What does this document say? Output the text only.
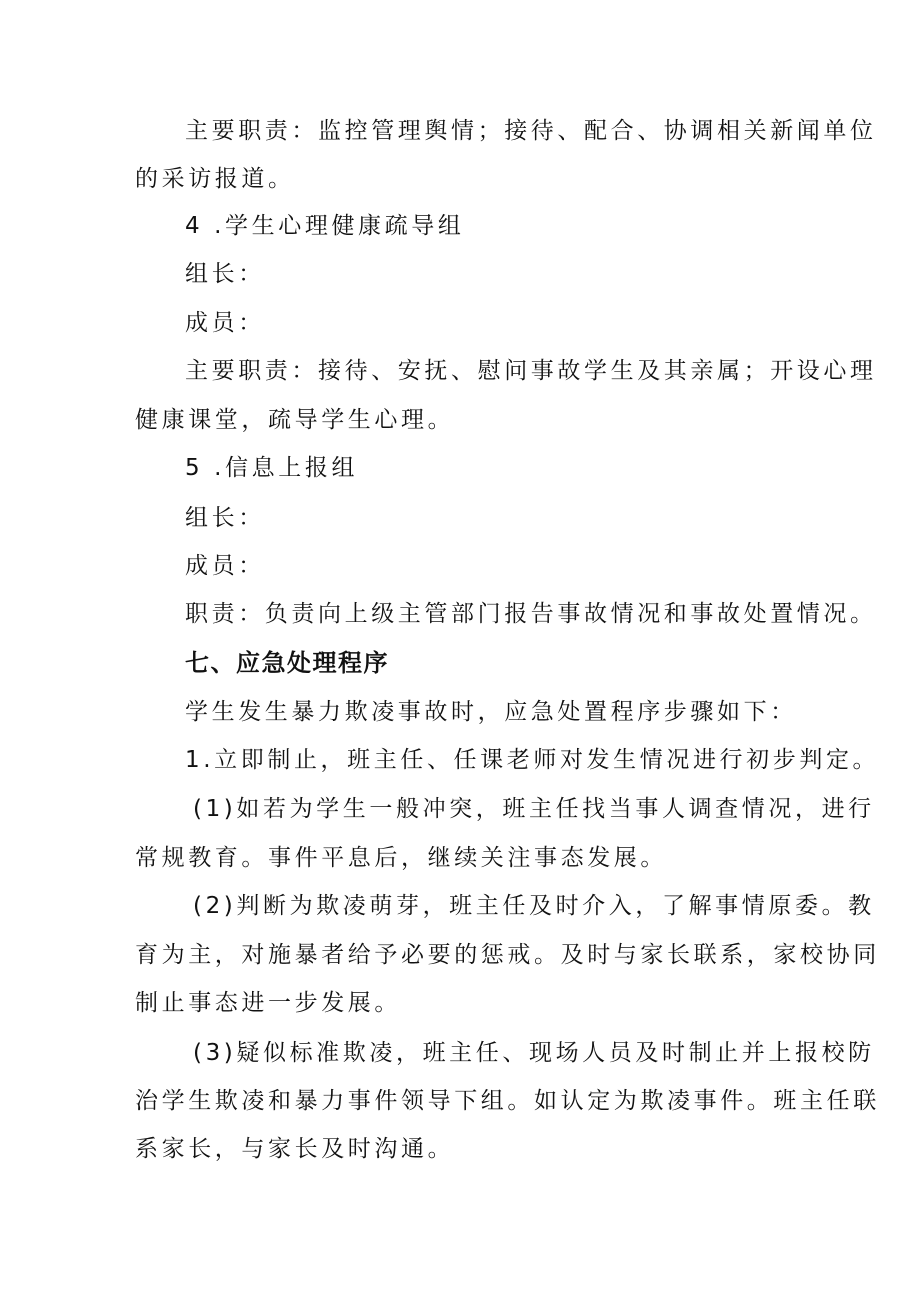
主要职责：监控管理舆情；接待、配合、协调相关新闻单位
的采访报道。
4 .学生心理健康疏导组
组长：
成员：
主要职责：接待、安抚、慰问事故学生及其亲属；开设心理
健康课堂，疏导学生心理。
5 .信息上报组
组长：
成员：
职责：负责向上级主管部门报告事故情况和事故处置情况。
七、应急处理程序
学生发生暴力欺凌事故时，应急处置程序步骤如下：
1.立即制止，班主任、任课老师对发生情况进行初步判定。
(1)如若为学生一般冲突，班主任找当事人调查情况，进行
常规教育。事件平息后，继续关注事态发展。
(2)判断为欺凌萌芽，班主任及时介入，了解事情原委。教
育为主，对施暴者给予必要的惩戒。及时与家长联系，家校协同
制止事态进一步发展。
(3)疑似标准欺凌，班主任、现场人员及时制止并上报校防
治学生欺凌和暴力事件领导下组。如认定为欺凌事件。班主任联
系家长，与家长及时沟通。
